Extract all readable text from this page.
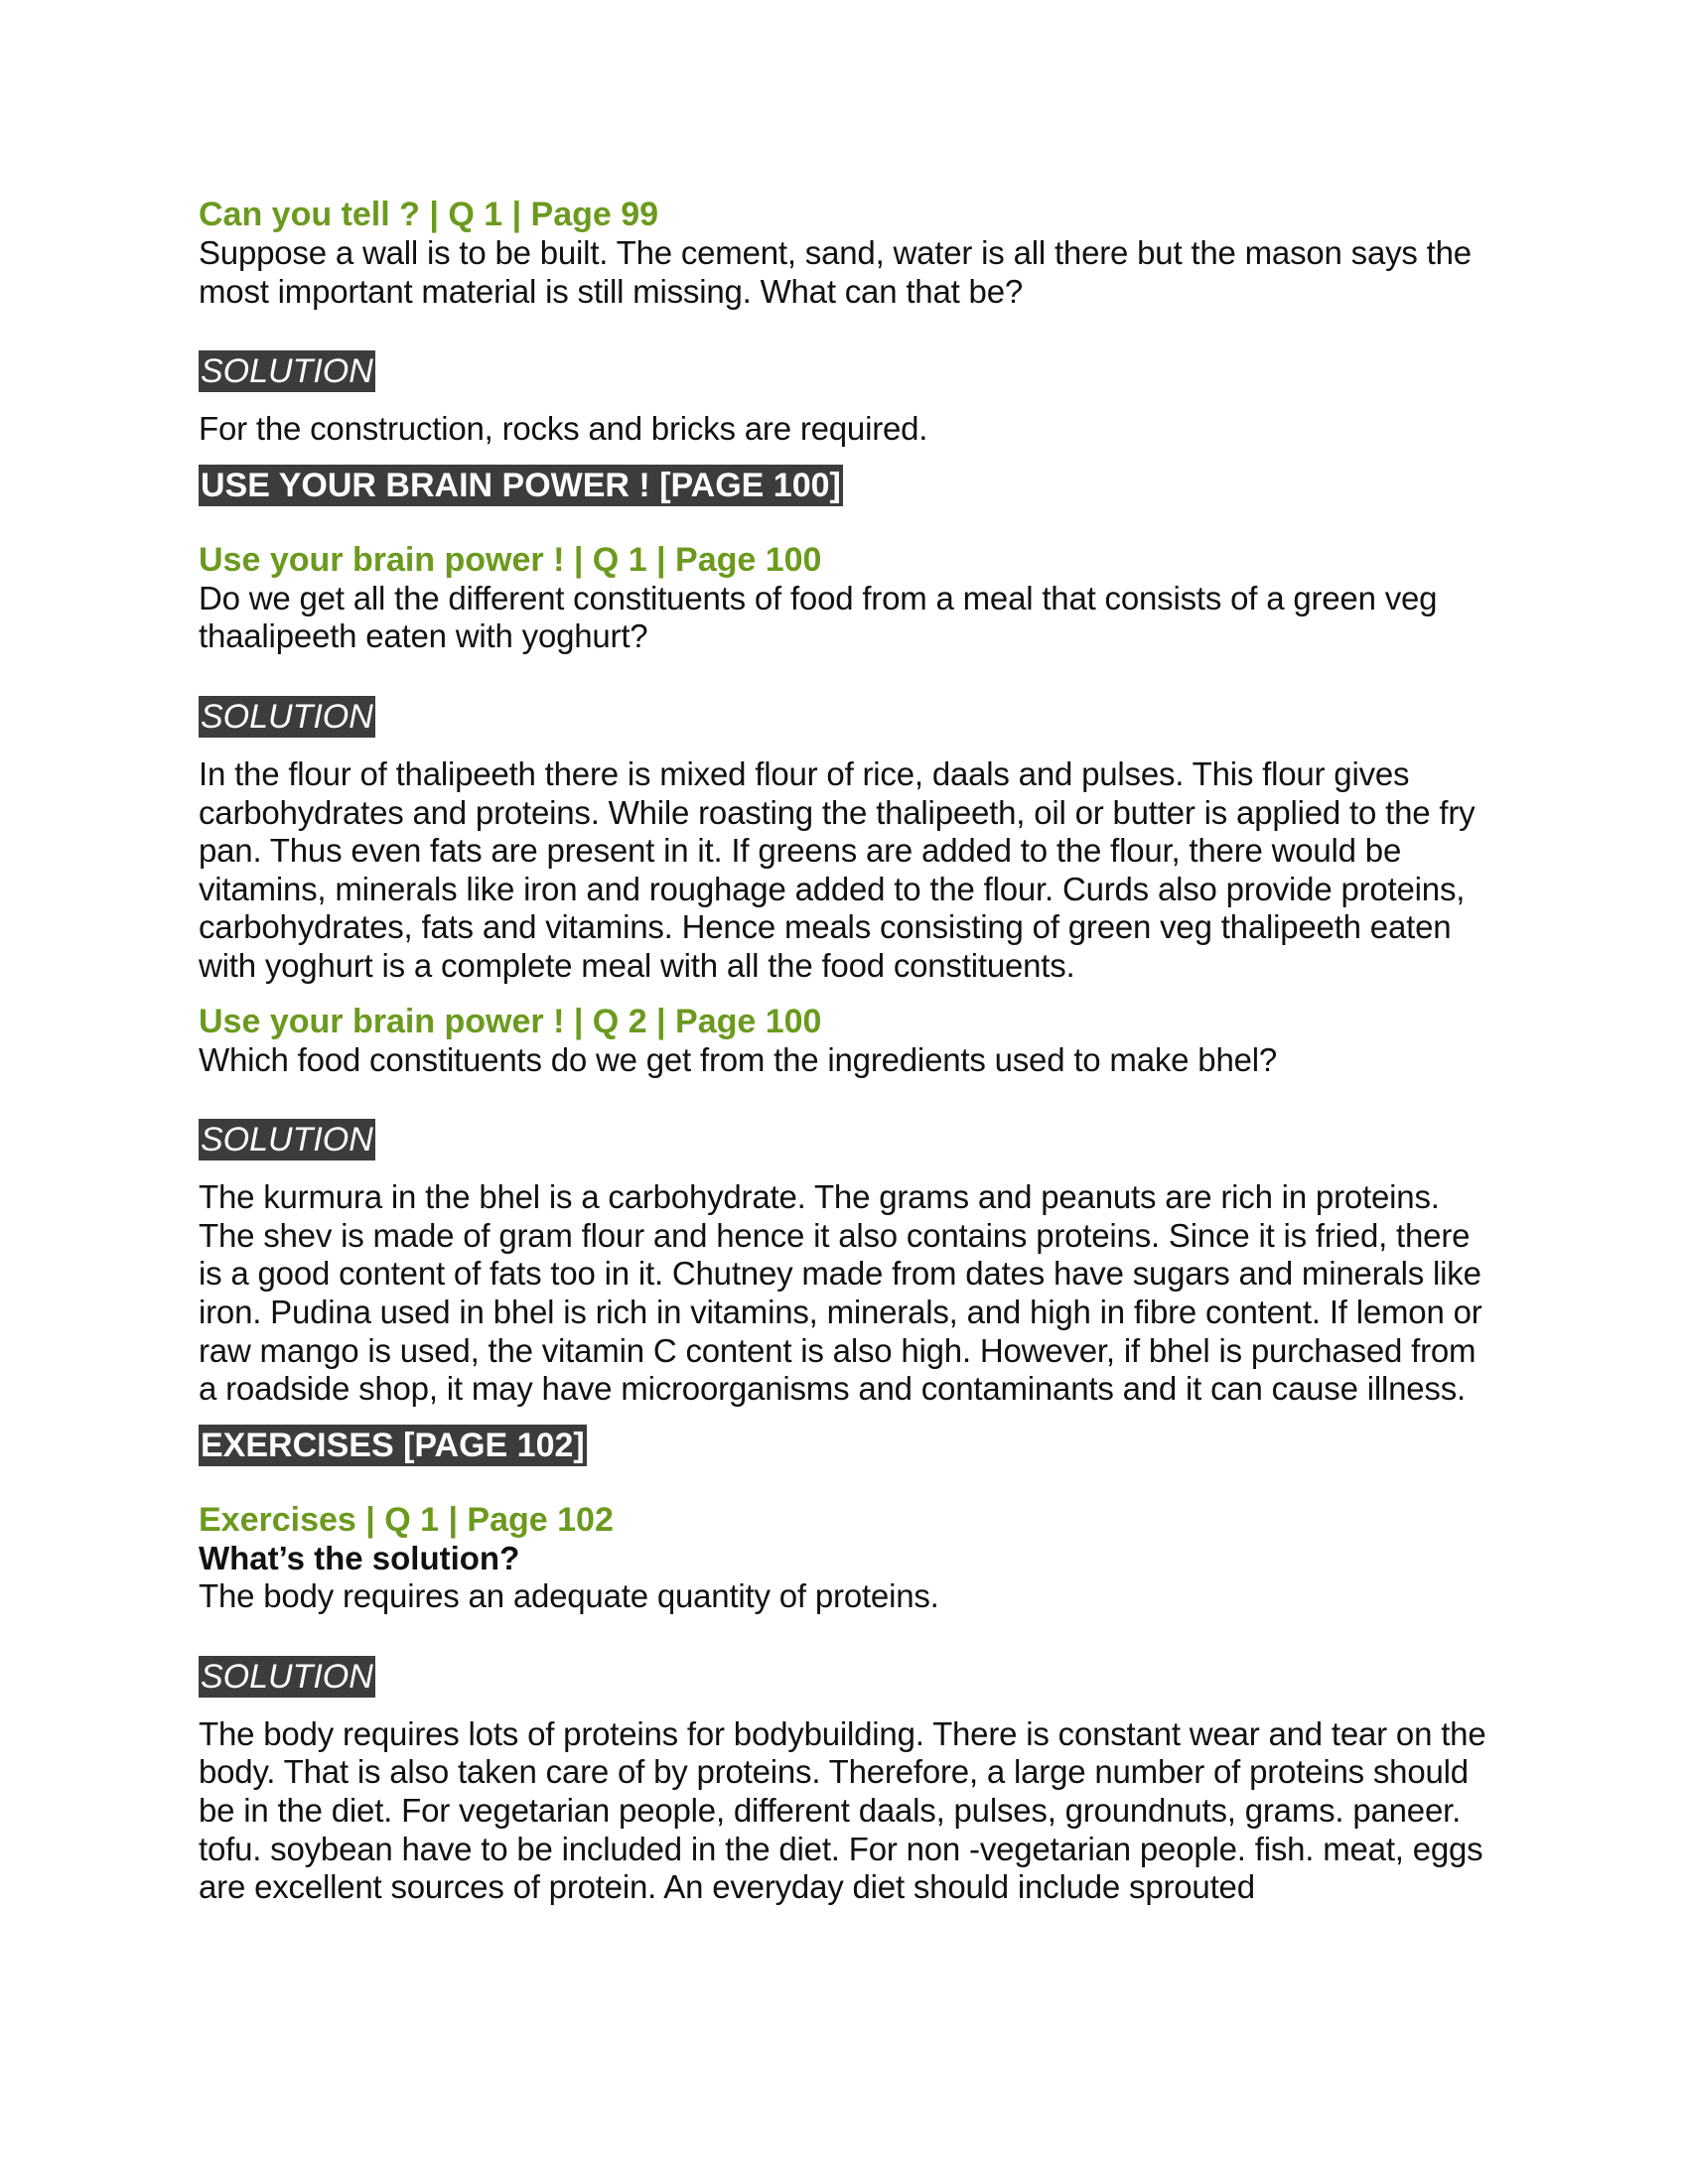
Can you tell ? | Q 1 | Page 99

Suppose a wall is to be built. The cement, sand, water is all there but the mason says the most important material is still missing. What can that be?

SOLUTION

For the construction, rocks and bricks are required.

USE YOUR BRAIN POWER ! [PAGE 100]

Use your brain power ! | Q 1 | Page 100

Do we get all the different constituents of food from a meal that consists of a green veg thaalipeeth eaten with yoghurt?

SOLUTION

In the flour of thalipeeth there is mixed flour of rice, daals and pulses. This flour gives carbohydrates and proteins. While roasting the thalipeeth, oil or butter is applied to the fry pan. Thus even fats are present in it. If greens are added to the flour, there would be vitamins, minerals like iron and roughage added to the flour. Curds also provide proteins, carbohydrates, fats and vitamins. Hence meals consisting of green veg thalipeeth eaten with yoghurt is a complete meal with all the food constituents.

Use your brain power ! | Q 2 | Page 100

Which food constituents do we get from the ingredients used to make bhel?

SOLUTION

The kurmura in the bhel is a carbohydrate. The grams and peanuts are rich in proteins. The shev is made of gram flour and hence it also contains proteins. Since it is fried, there is a good content of fats too in it. Chutney made from dates have sugars and minerals like iron. Pudina used in bhel is rich in vitamins, minerals, and high in fibre content. If lemon or raw mango is used, the vitamin C content is also high. However, if bhel is purchased from a roadside shop, it may have microorganisms and contaminants and it can cause illness.

EXERCISES [PAGE 102]

Exercises | Q 1 | Page 102

What’s the solution?

The body requires an adequate quantity of proteins.

SOLUTION

The body requires lots of proteins for bodybuilding. There is constant wear and tear on the body. That is also taken care of by proteins. Therefore, a large number of proteins should be in the diet. For vegetarian people, different daals, pulses, groundnuts, grams. paneer. tofu. soybean have to be included in the diet. For non -vegetarian people. fish. meat, eggs are excellent sources of protein. An everyday diet should include sprouted
